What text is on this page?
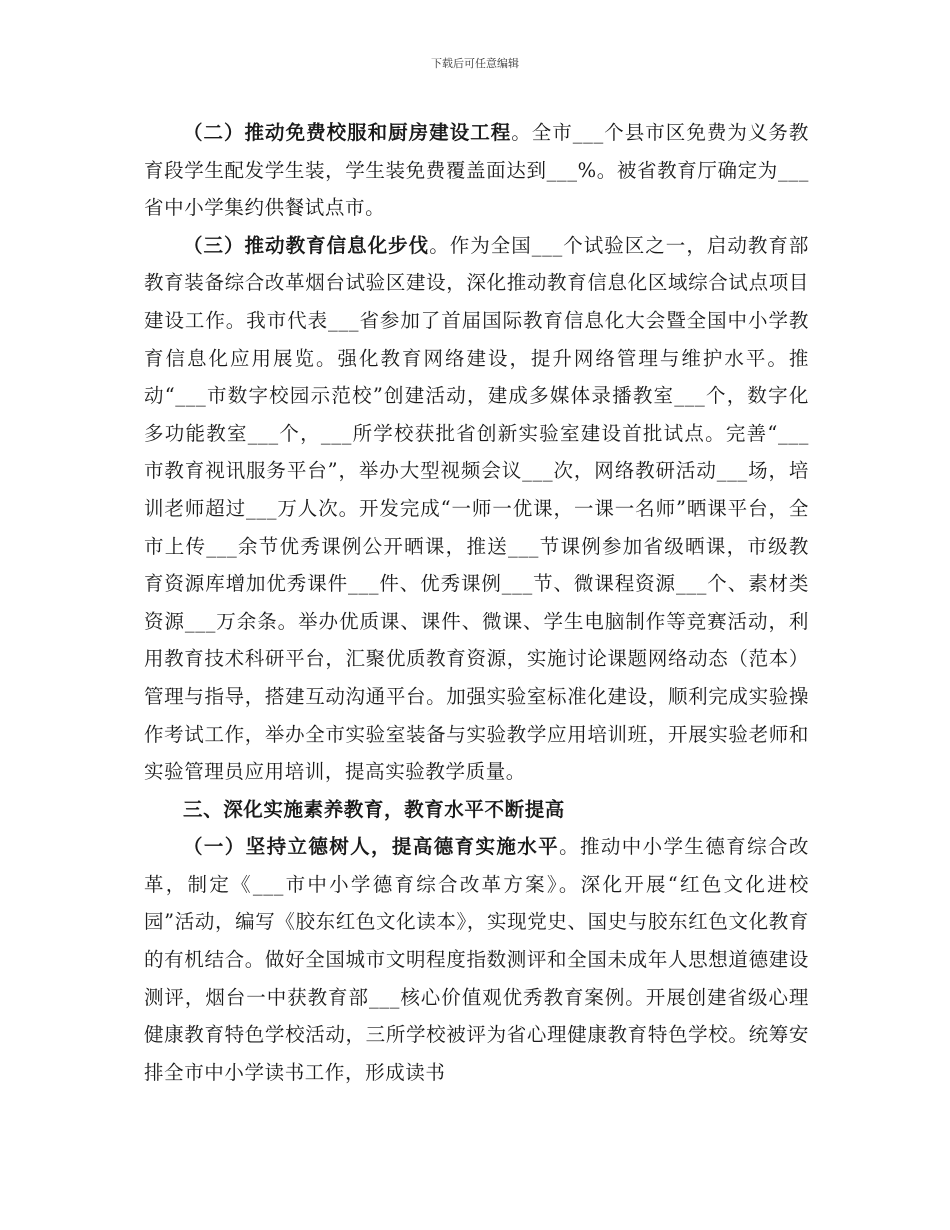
下载后可任意编辑

（二）推动免费校服和厨房建设工程。全市___个县市区免费为义务教育段学生配发学生装，学生装免费覆盖面达到___%。被省教育厅确定为___省中小学集约供餐试点市。

（三）推动教育信息化步伐。作为全国___个试验区之一，启动教育部教育装备综合改革烟台试验区建设，深化推动教育信息化区域综合试点项目建设工作。我市代表___省参加了首届国际教育信息化大会暨全国中小学教育信息化应用展览。强化教育网络建设，提升网络管理与维护水平。推动“___市数字校园示范校”创建活动，建成多媒体录播教室___个，数字化多功能教室___个，___所学校获批省创新实验室建设首批试点。完善“___市教育视讯服务平台”，举办大型视频会议___次，网络教研活动___场，培训老师超过___万人次。开发完成“一师一优课，一课一名师”晒课平台，全市上传___余节优秀课例公开晒课，推送___节课例参加省级晒课，市级教育资源库增加优秀课件___件、优秀课例___节、微课程资源___个、素材类资源___万余条。举办优质课、课件、微课、学生电脑制作等竞赛活动，利用教育技术科研平台，汇聚优质教育资源，实施讨论课题网络动态（范本）管理与指导，搭建互动沟通平台。加强实验室标准化建设，顺利完成实验操作考试工作，举办全市实验室装备与实验教学应用培训班，开展实验老师和实验管理员应用培训，提高实验教学质量。

三、深化实施素养教育，教育水平不断提高

（一）坚持立德树人，提高德育实施水平。推动中小学生德育综合改革，制定《___市中小学德育综合改革方案》。深化开展“红色文化进校园”活动，编写《胶东红色文化读本》，实现党史、国史与胶东红色文化教育的有机结合。做好全国城市文明程度指数测评和全国未成年人思想道德建设测评，烟台一中获教育部___核心价值观优秀教育案例。开展创建省级心理健康教育特色学校活动，三所学校被评为省心理健康教育特色学校。统筹安排全市中小学读书工作，形成读书
